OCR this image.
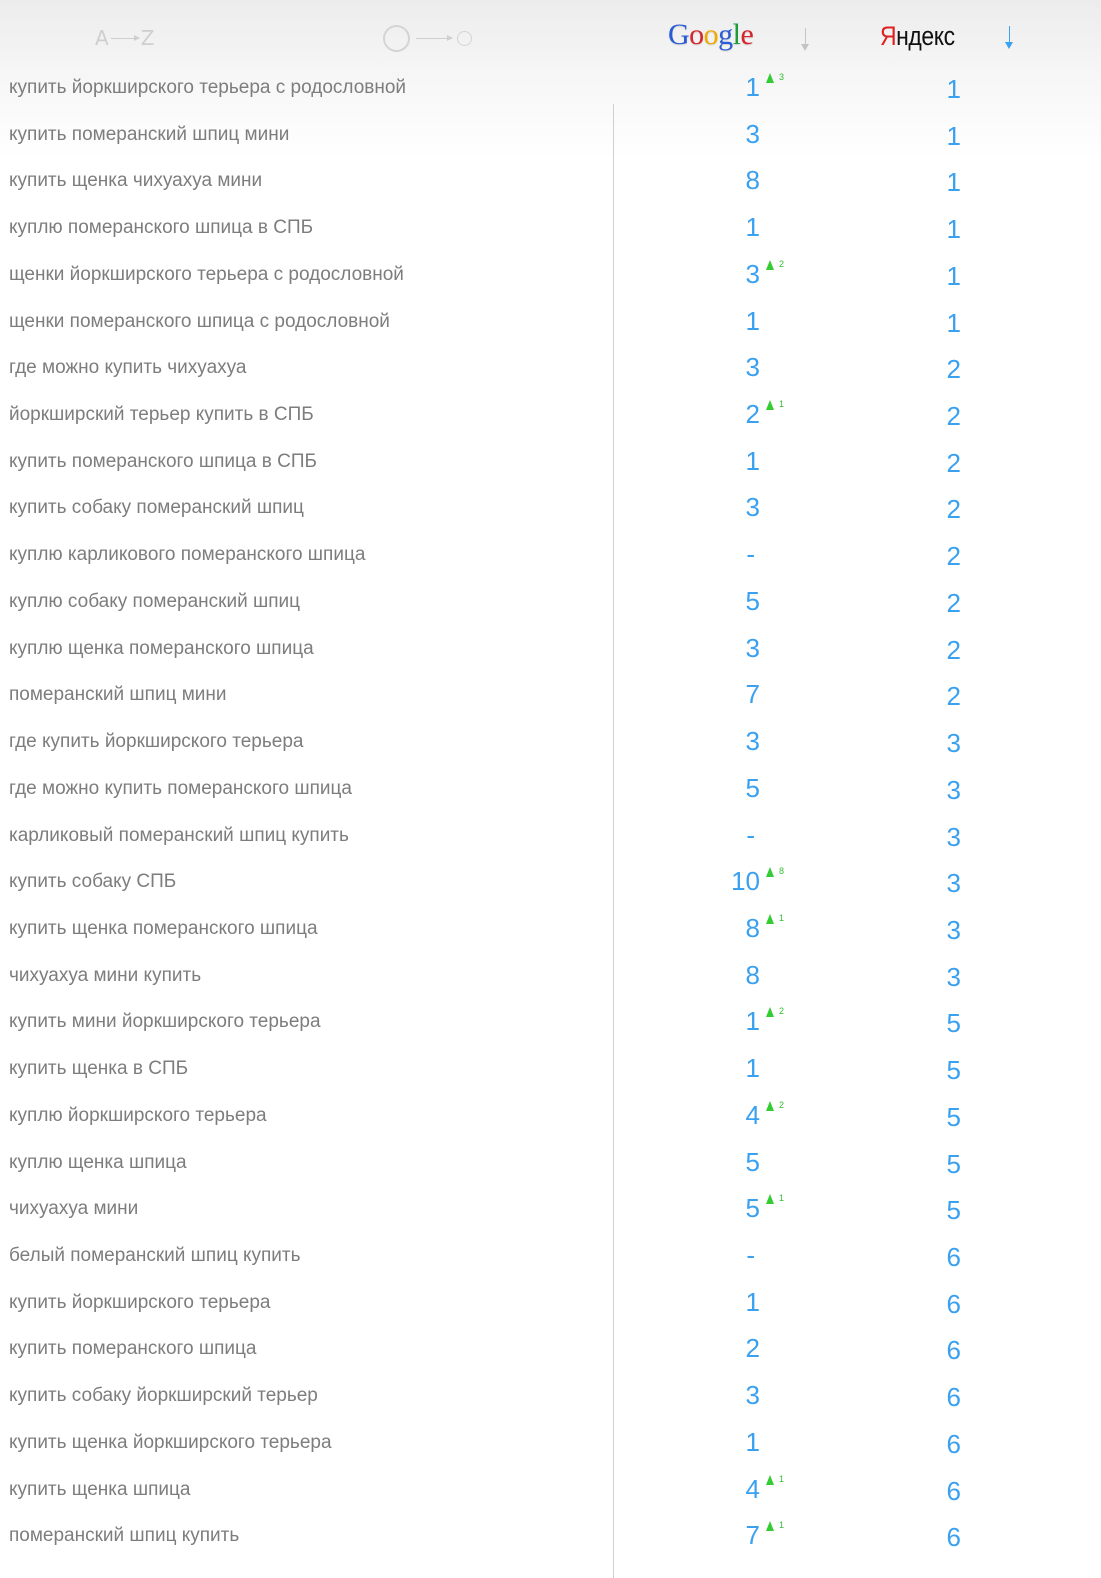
A Z	Google	Яндекс
купить йоркширского терьера с родословной	1 3	1
купить померанский шпиц мини	3	1
купить щенка чихуахуа мини	8	1
куплю померанского шпица в СПБ	1	1
щенки йоркширского терьера с родословной	3 2	1
щенки померанского шпица с родословной	1	1
где можно купить чихуахуа	3	2
йоркширский терьер купить в СПБ	2 1	2
купить померанского шпица в СПБ	1	2
купить собаку померанский шпиц	3	2
куплю карликового померанского шпица	-	2
куплю собаку померанский шпиц	5	2
куплю щенка померанского шпица	3	2
померанский шпиц мини	7	2
где купить йоркширского терьера	3	3
где можно купить померанского шпица	5	3
карликовый померанский шпиц купить	-	3
купить собаку СПБ	10 8	3
купить щенка померанского шпица	8 1	3
чихуахуа мини купить	8	3
купить мини йоркширского терьера	1 2	5
купить щенка в СПБ	1	5
куплю йоркширского терьера	4 2	5
куплю щенка шпица	5	5
чихуахуа мини	5 1	5
белый померанский шпиц купить	-	6
купить йоркширского терьера	1	6
купить померанского шпица	2	6
купить собаку йоркширский терьер	3	6
купить щенка йоркширского терьера	1	6
купить щенка шпица	4 1	6
померанский шпиц купить	7 1	6
